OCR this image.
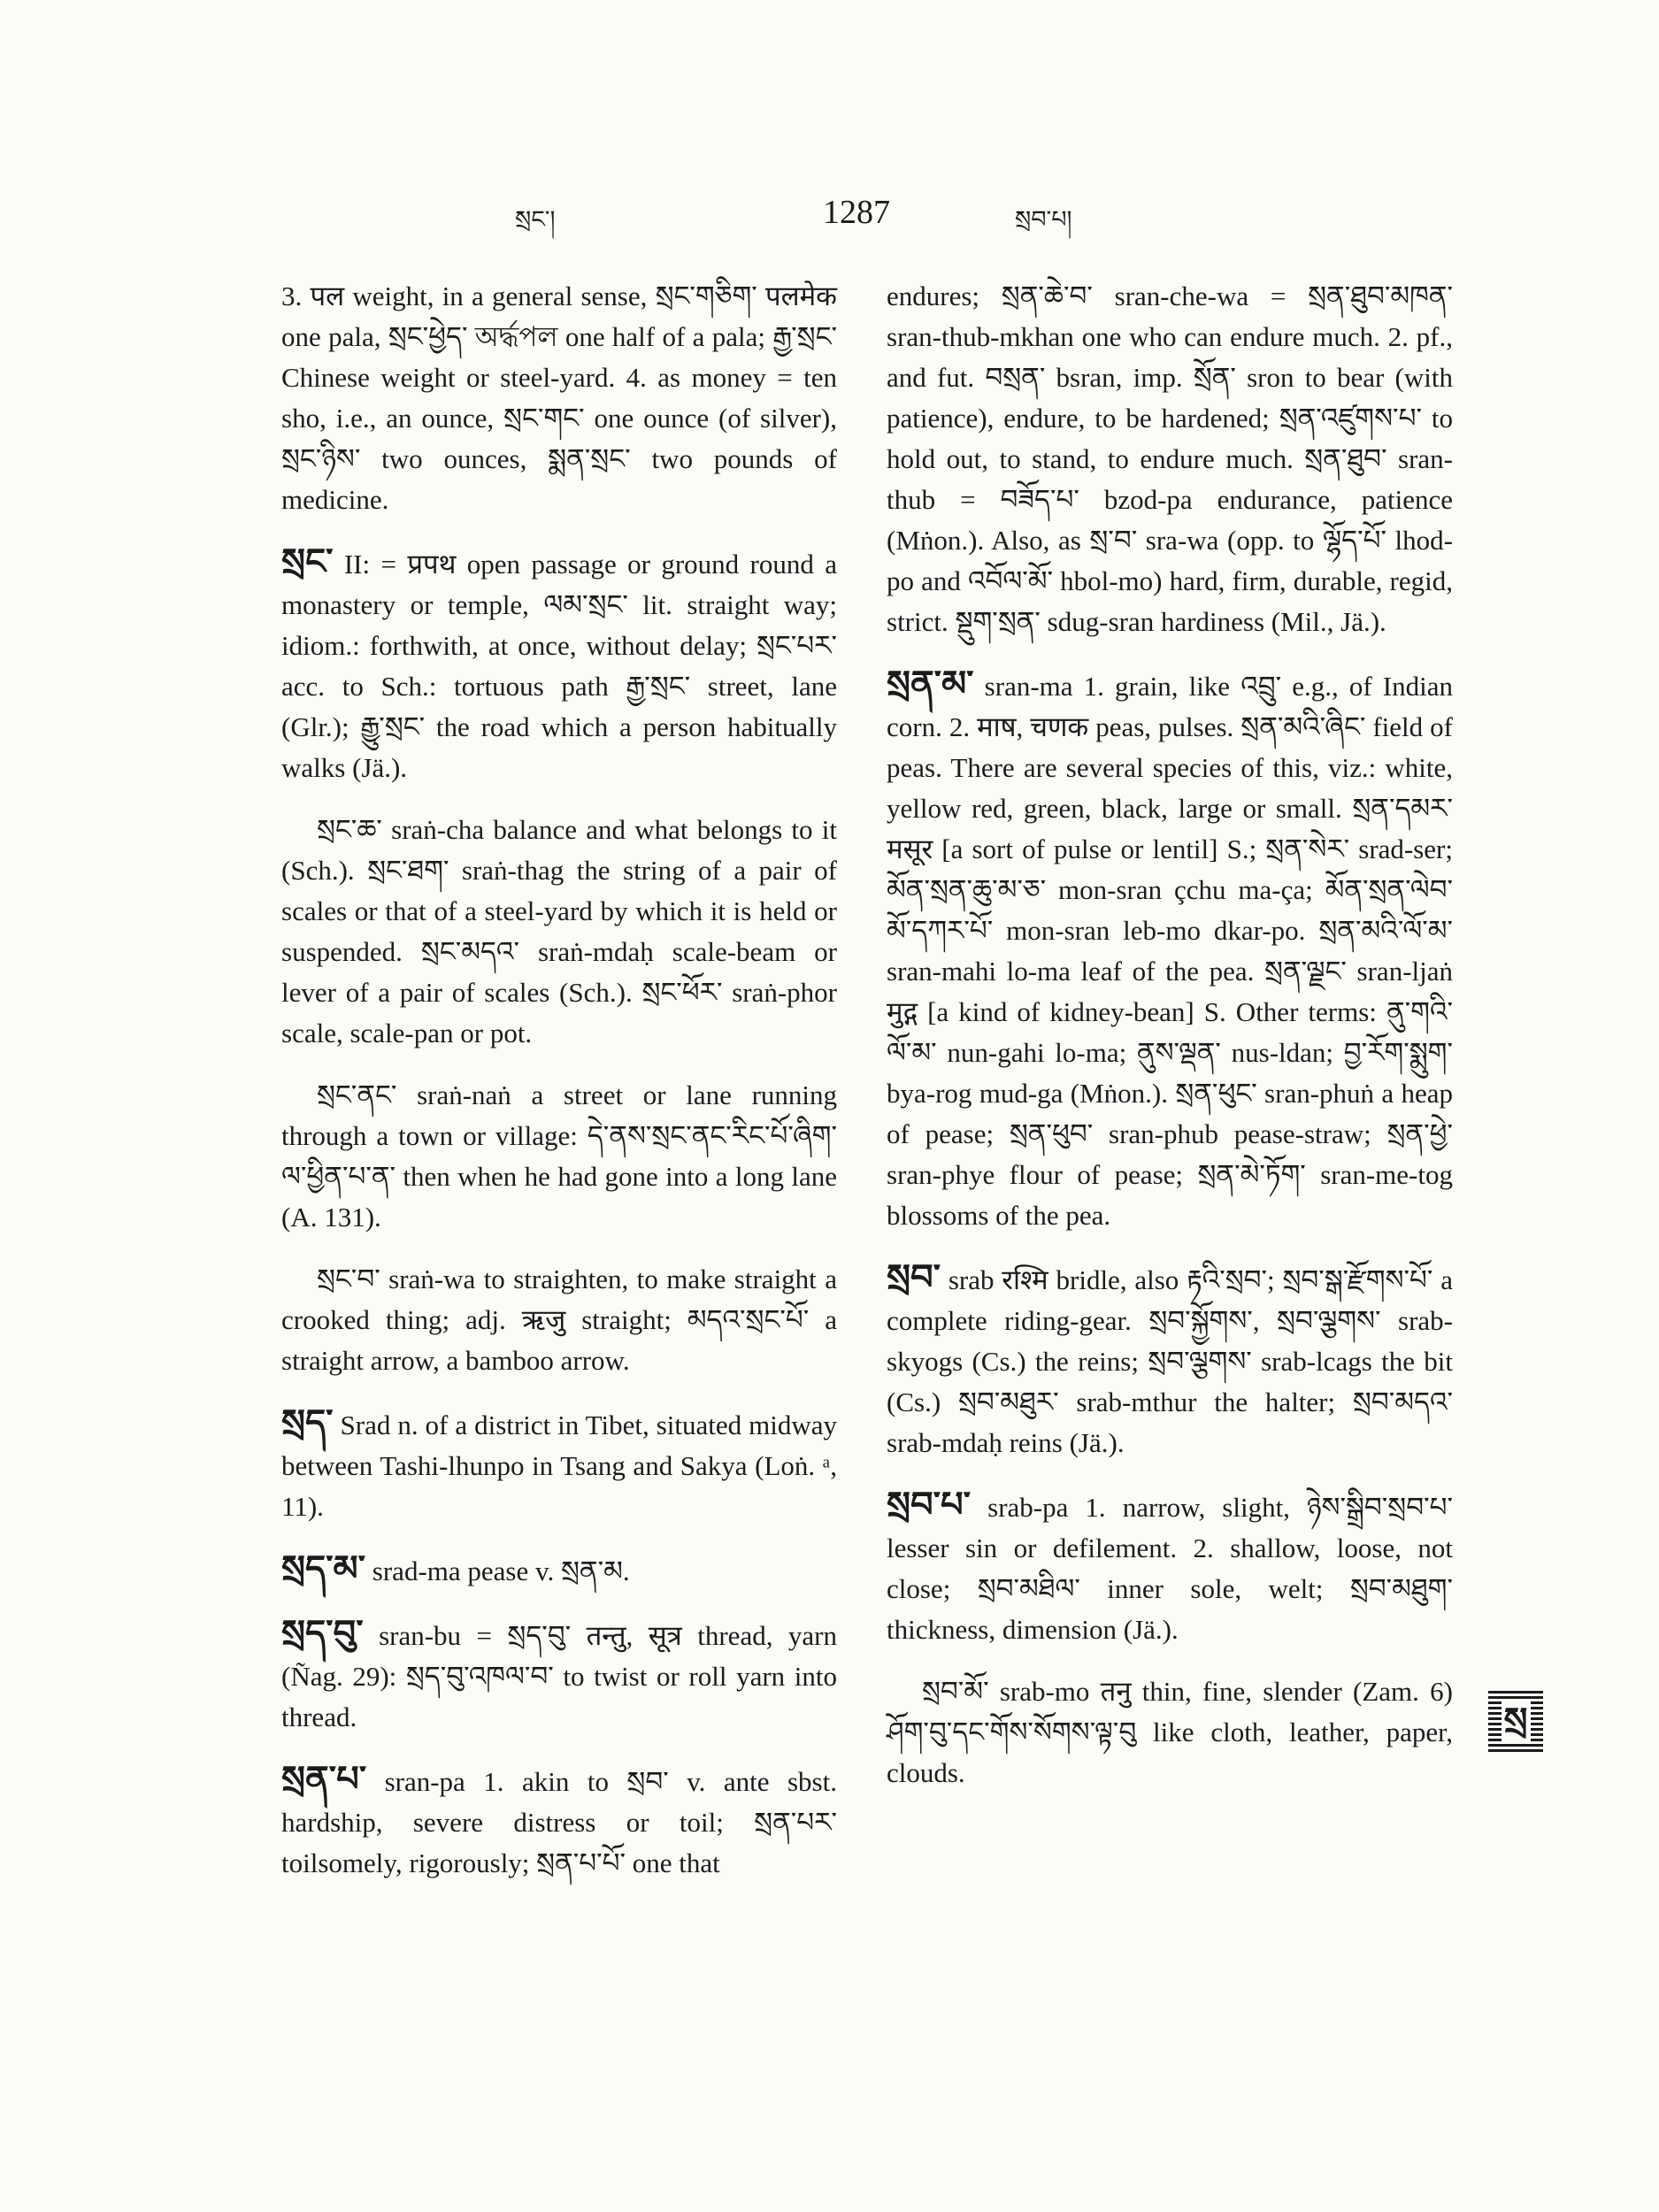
སྲང་།	1287	སྲབ་པ།

3. पल weight, in a general sense, སྲང་གཅིག་ पलमेक one pala, སྲང་ཕྱེད་ অর্দ্ধপল one half of a pala; རྒྱ་སྲང་ Chinese weight or steel-yard. 4. as money = ten sho, i.e., an ounce, སྲང་གང་ one ounce (of silver), སྲང་ཉིས་ two ounces, སྨན་སྲང་ two pounds of medicine.

སྲང་ II: = प्रपथ open passage or ground round a monastery or temple, ལམ་སྲང་ lit. straight way; idiom.: forthwith, at once, without delay; སྲང་པར་ acc. to Sch.: tortuous path རྒྱ་སྲང་ street, lane (Glr.); རྒྱུ་སྲང་ the road which a person habitually walks (Jä.).

སྲང་ཆ་ sraṅ-cha balance and what belongs to it (Sch.). སྲང་ཐག་ sraṅ-thag the string of a pair of scales or that of a steel-yard by which it is held or suspended. སྲང་མདའ་ sraṅ-mdaḥ scale-beam or lever of a pair of scales (Sch.). སྲང་ཕོར་ sraṅ-phor scale, scale-pan or pot.

སྲང་ནང་ sraṅ-naṅ a street or lane running through a town or village: དེ་ནས་སྲང་ནང་རིང་པོ་ཞིག་ལ་ཕྱིན་པ་ན་ then when he had gone into a long lane (A. 131).

སྲང་བ་ sraṅ-wa to straighten, to make straight a crooked thing; adj. ऋजु straight; མདའ་སྲང་པོ་ a straight arrow, a bamboo arrow.

སྲད་ Srad n. of a district in Tibet, situated midway between Tashi-lhunpo in Tsang and Sakya (Loṅ. ᵃ, 11).

སྲད་མ་ srad-ma pease v. སྲན་མ.

སྲད་བུ་ sran-bu = སྲད་བུ་ तन्तु, सूत्र thread, yarn (Ñag. 29): སྲད་བུ་འཁལ་བ་ to twist or roll yarn into thread.

སྲན་པ་ sran-pa 1. akin to སྲབ་ v. ante sbst. hardship, severe distress or toil; སྲན་པར་ toilsomely, rigorously; སྲན་པ་པོ་ one that

endures; སྲན་ཆེ་བ་ sran-che-wa = སྲན་ཐུབ་མཁན་ sran-thub-mkhan one who can endure much. 2. pf., and fut. བསྲན་ bsran, imp. སྲོན་ sron to bear (with patience), endure, to be hardened; སྲན་འཛུགས་པ་ to hold out, to stand, to endure much. སྲན་ཐུབ་ sran-thub = བཟོད་པ་ bzod-pa endurance, patience (Mṅon.). Also, as སྲ་བ་ sra-wa (opp. to ལྷོད་པོ་ lhod-po and འབོལ་མོ་ hbol-mo) hard, firm, durable, regid, strict. སྡུག་སྲན་ sdug-sran hardiness (Mil., Jä.).

སྲན་མ་ sran-ma 1. grain, like འབྲུ་ e.g., of Indian corn. 2. माष, चणक peas, pulses. སྲན་མའི་ཞིང་ field of peas. There are several species of this, viz.: white, yellow red, green, black, large or small. སྲན་དམར་ मसूर [a sort of pulse or lentil] S.; སྲན་སེར་ srad-ser; མོན་སྲན་ཆུ་མ་ཅ་ mon-sran çchu ma-ça; མོན་སྲན་ལེབ་མོ་དཀར་པོ་ mon-sran leb-mo dkar-po. སྲན་མའི་ལོ་མ་ sran-mahi lo-ma leaf of the pea. སྲན་ལྗང་ sran-ljaṅ मुद्ग [a kind of kidney-bean] S. Other terms: ནུ་གའི་ལོ་མ་ nun-gahi lo-ma; ནུས་ལྡན་ nus-ldan; བྱ་རོག་སྨུག་ bya-rog mud-ga (Mṅon.). སྲན་ཕུང་ sran-phuṅ a heap of pease; སྲན་ཕུབ་ sran-phub pease-straw; སྲན་ཕྱེ་ sran-phye flour of pease; སྲན་མེ་ཏོག་ sran-me-tog blossoms of the pea.

སྲབ་ srab रश्मि bridle, also རྟའི་སྲབ་; སྲབ་སྒ་རྫོགས་པོ་ a complete riding-gear. སྲབ་སྐྱོགས་, སྲབ་ལྕགས་ srab-skyogs (Cs.) the reins; སྲབ་ལྕགས་ srab-lcags the bit (Cs.) སྲབ་མཐུར་ srab-mthur the halter; སྲབ་མདའ་ srab-mdaḥ reins (Jä.).

སྲབ་པ་ srab-pa 1. narrow, slight, ཉེས་སྒྲིབ་སྲབ་པ་ lesser sin or defilement. 2. shallow, loose, not close; སྲབ་མཐིལ་ inner sole, welt; སྲབ་མཐུག་ thickness, dimension (Jä.).

སྲབ་མོ་ srab-mo तनु thin, fine, slender (Zam. 6) ཤོག་བུ་དང་གོས་སོགས་ལྟ་བུ like cloth, leather, paper, clouds.

སྲ
